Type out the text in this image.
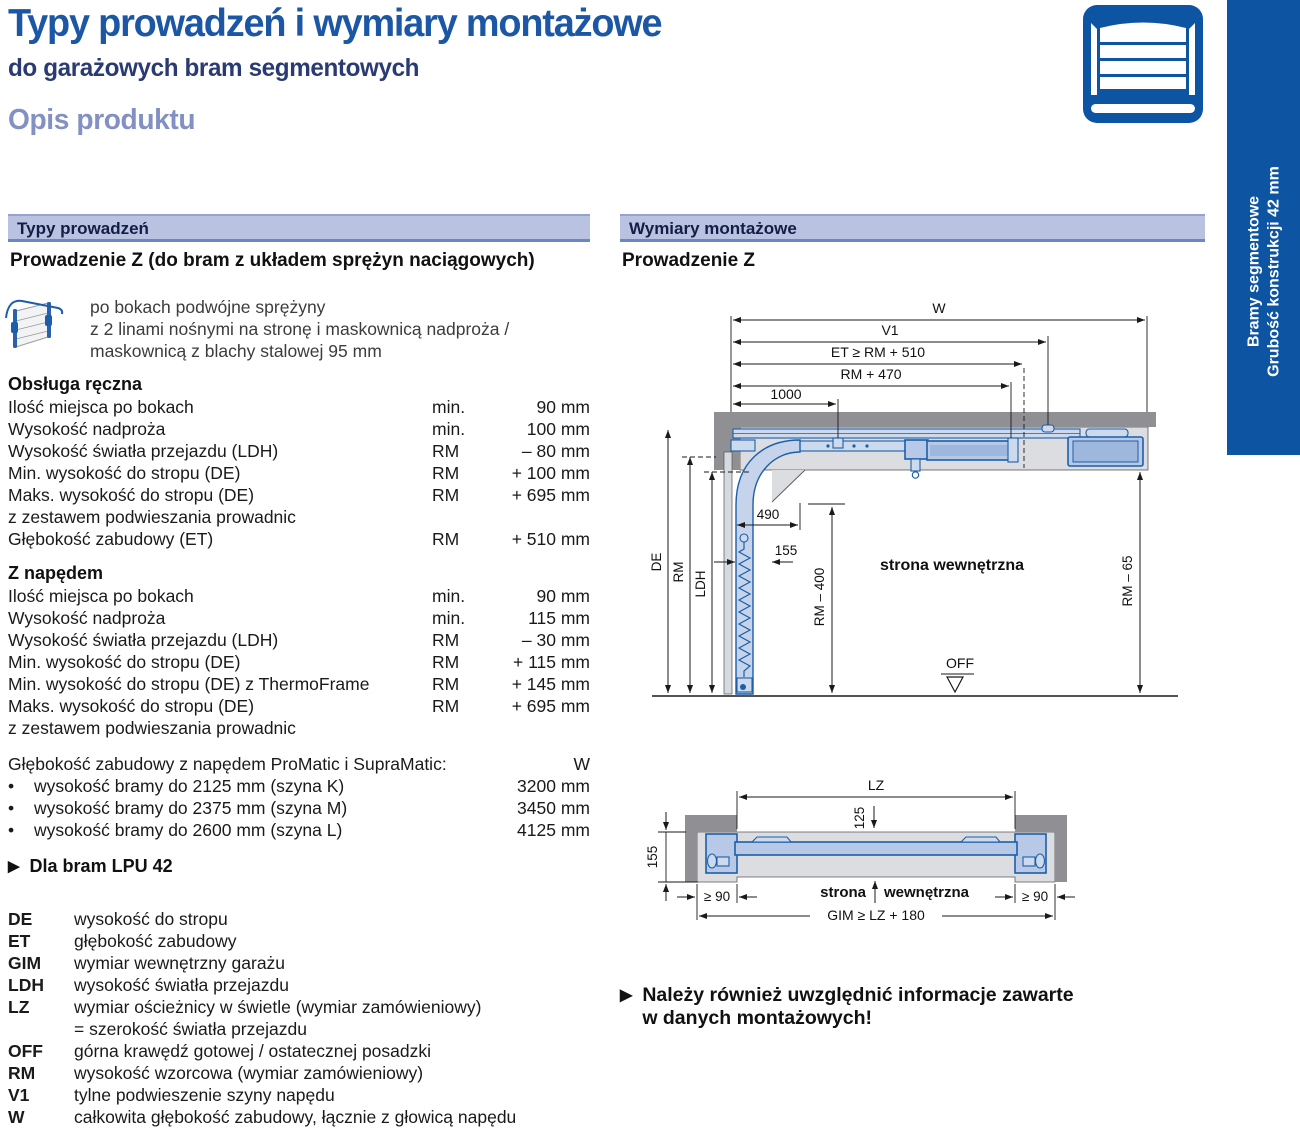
Typy prowadzeń i wymiary montażowe
do garażowych bram segmentowych
Opis produktu
Bramy segmentowe Grubość konstrukcji 42 mm
Typy prowadzeń
Prowadzenie Z (do bram z układem sprężyn naciągowych)
po bokach podwójne sprężyny
z 2 linami nośnymi na stronę i maskownicą nadproża /
maskownicą z blachy stalowej 95 mm
Obsługa ręczna
Ilość miejsca po bokach	min.	90 mm
Wysokość nadproża	min.	100 mm
Wysokość światła przejazdu (LDH)	RM	– 80 mm
Min. wysokość do stropu (DE)	RM	+ 100 mm
Maks. wysokość do stropu (DE)	RM	+ 695 mm
z zestawem podwieszania prowadnic
Głębokość zabudowy (ET)	RM	+ 510 mm
Z napędem
Ilość miejsca po bokach	min.	90 mm
Wysokość nadproża	min.	115 mm
Wysokość światła przejazdu (LDH)	RM	– 30 mm
Min. wysokość do stropu (DE)	RM	+ 115 mm
Min. wysokość do stropu (DE) z ThermoFrame	RM	+ 145 mm
Maks. wysokość do stropu (DE)	RM	+ 695 mm
z zestawem podwieszania prowadnic
Głębokość zabudowy z napędem ProMatic i SupraMatic:	W
•	wysokość bramy do 2125 mm (szyna K)	3200 mm
•	wysokość bramy do 2375 mm (szyna M)	3450 mm
•	wysokość bramy do 2600 mm (szyna L)	4125 mm
▶ Dla bram LPU 42
DE	wysokość do stropu
ET	głębokość zabudowy
GIM	wymiar wewnętrzny garażu
LDH	wysokość światła przejazdu
LZ	wymiar ościeżnicy w świetle (wymiar zamówieniowy)
= szerokość światła przejazdu
OFF	górna krawędź gotowej / ostatecznej posadzki
RM	wysokość wzorcowa (wymiar zamówieniowy)
V1	tylne podwieszenie szyny napędu
W	całkowita głębokość zabudowy, łącznie z głowicą napędu
Wymiary montażowe
Prowadzenie Z
W
V1
ET ≥ RM + 510
RM + 470
1000
DE RM LDH
490
155
RM – 400	RM – 65
strona wewnętrzna
OFF
LZ
125
155
strona wewnętrzna
≥ 90	≥ 90
GIM ≥ LZ + 180
▶ Należy również uwzględnić informacje zawarte
w danych montażowych!
